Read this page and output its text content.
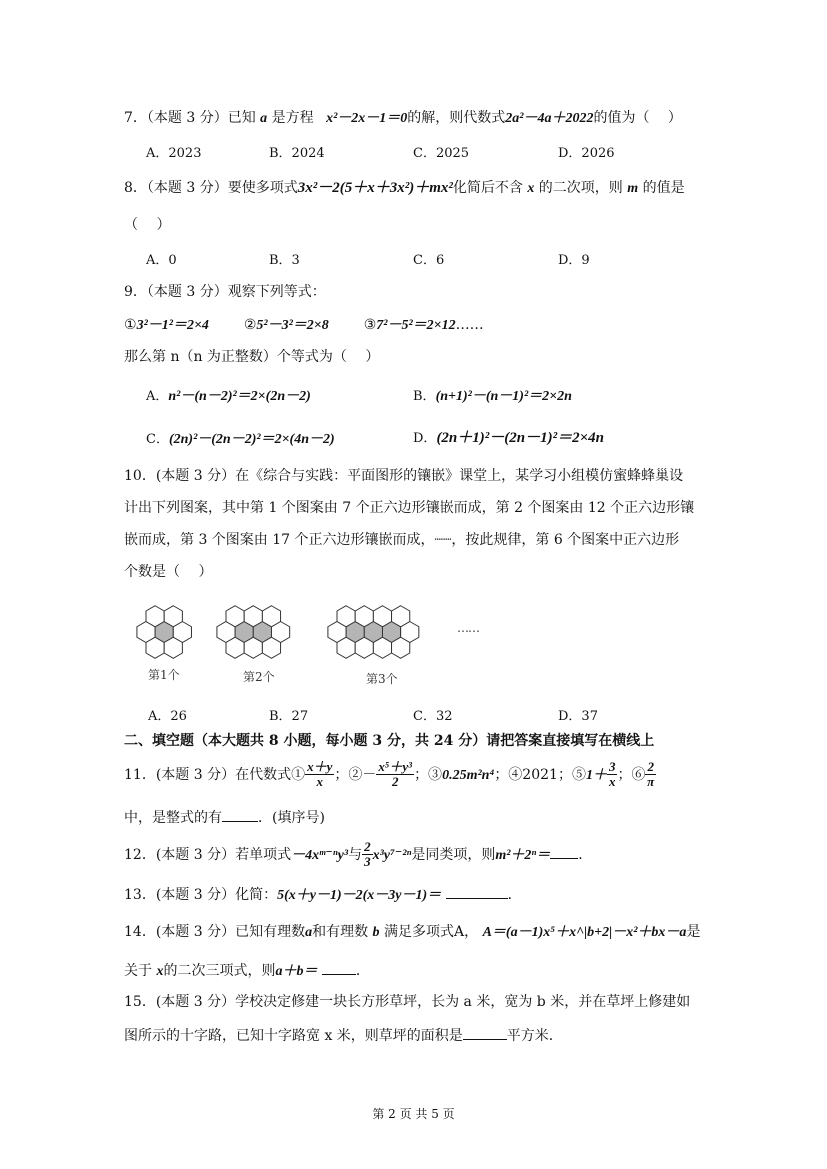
7．（本题 3 分）已知 a 是方程 x²－2x－1＝0的解，则代数式2a²－4a＋2022的值为（　 ）
A．2023	B．2024	C．2025	D．2026
8．（本题 3 分）要使多项式3x²－2(5＋x＋3x²)＋mx²化简后不含 x 的二次项，则 m 的值是
（　 ）
A．0	B．3	C．6	D．9
9．（本题 3 分）观察下列等式：
①3²－1²＝2×4 ②5²－3²＝2×8 ③7²－5²＝2×12……
那么第 n（n 为正整数）个等式为（　 ）
A．n²－(n－2)²＝2×(2n－2)	B．(n+1)²－(n－1)²＝2×2n
C．(2n)²－(2n－2)²＝2×(4n－2)	D．(2n＋1)²－(2n－1)²＝2×4n
10．(本题 3 分）在《综合与实践：平面图形的镶嵌》课堂上，某学习小组模仿蜜蜂蜂巢设
计出下列图案，其中第 1 个图案由 7 个正六边形镶嵌而成，第 2 个图案由 12 个正六边形镶
嵌而成，第 3 个图案由 17 个正六边形镶嵌而成，┈┈，按此规律，第 6 个图案中正六边形
个数是（　 ）
第1个	第2个	第3个
……
A．26	B．27	C．32	D．37
二、填空题（本大题共 8 小题，每小题 3 分，共 24 分）请把答案直接填写在横线上
11．(本题 3 分）在代数式① $\frac{x+y}{x}$ ；②－ $\frac{\text{x⁵＋y³}}{2}$ ；③0.25m²n⁴；④2021；⑤1＋ $\frac{3}{x}$ ；⑥ $\frac{2}{\pi}$
中，是整式的有	．(填序号)
12．(本题 3 分）若单项式－4xᵐ⁻ⁿy³与 $\frac{2}{3} x^3y^{7-2n}$是同类项，则m²＋2ⁿ＝ ．
13．(本题 3 分）化简：5(x＋y－1)－2(x－3y－1)＝	．
14．(本题 3 分）已知有理数a和有理数 b 满足多项式A， A＝(a－1)x⁵＋x^|b+2|－x²＋bx－a是
关于 x的二次三项式，则a＋b＝	．
15．(本题 3 分）学校决定修建一块长方形草坪，长为 a 米，宽为 b 米，并在草坪上修建如
图所示的十字路，已知十字路宽 x 米，则草坪的面积是	平方米．
第 2 页 共 5 页
